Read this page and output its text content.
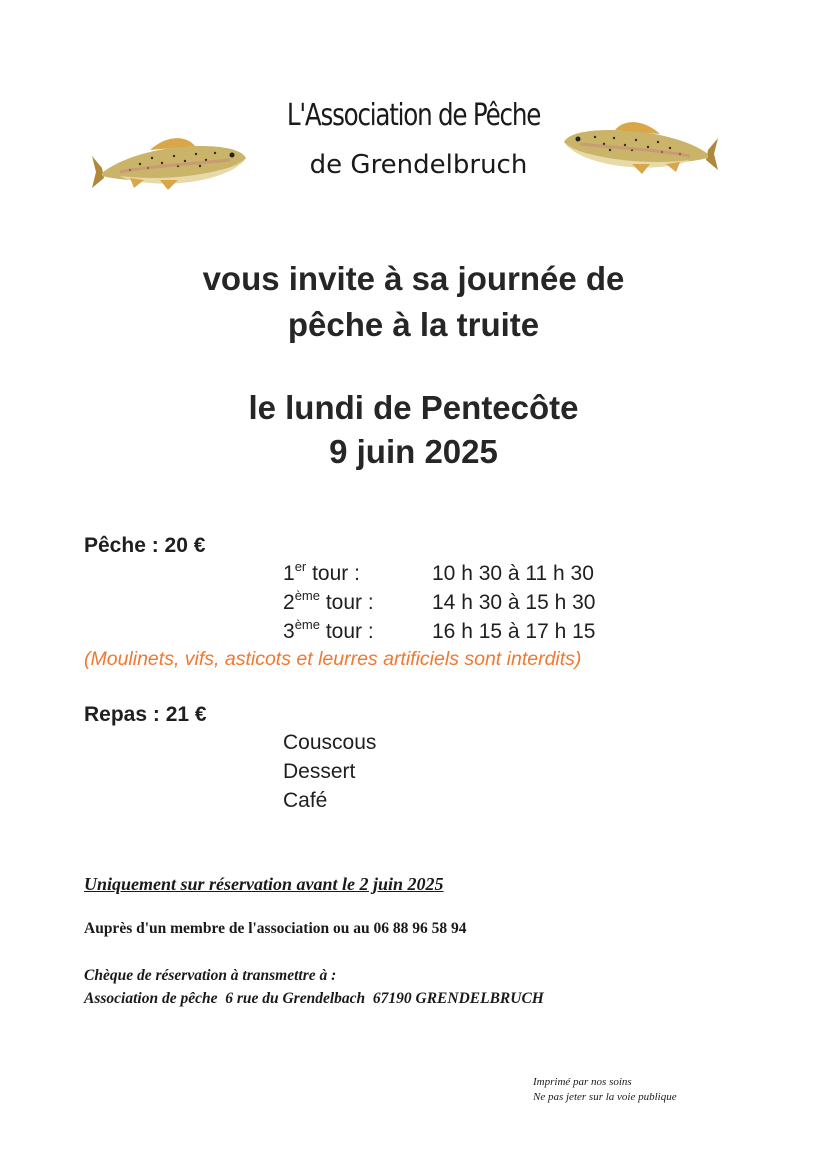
L'Association de Pêche
de Grendelbruch
vous invite à sa journée de
pêche à la truite
le lundi de Pentecôte
9 juin 2025
Pêche : 20 €
1er tour :	10 h 30 à 11 h 30
2ème tour :	14 h 30 à 15 h 30
3ème tour :	16 h 15 à 17 h 15
(Moulinets, vifs, asticots et leurres artificiels sont interdits)
Repas : 21 €
Couscous
Dessert
Café
Uniquement sur réservation avant le 2 juin 2025
Auprès d'un membre de l'association ou au 06 88 96 58 94
Chèque de réservation à transmettre à :
Association de pêche  6 rue du Grendelbach  67190 GRENDELBRUCH
Imprimé par nos soins
Ne pas jeter sur la voie publique
